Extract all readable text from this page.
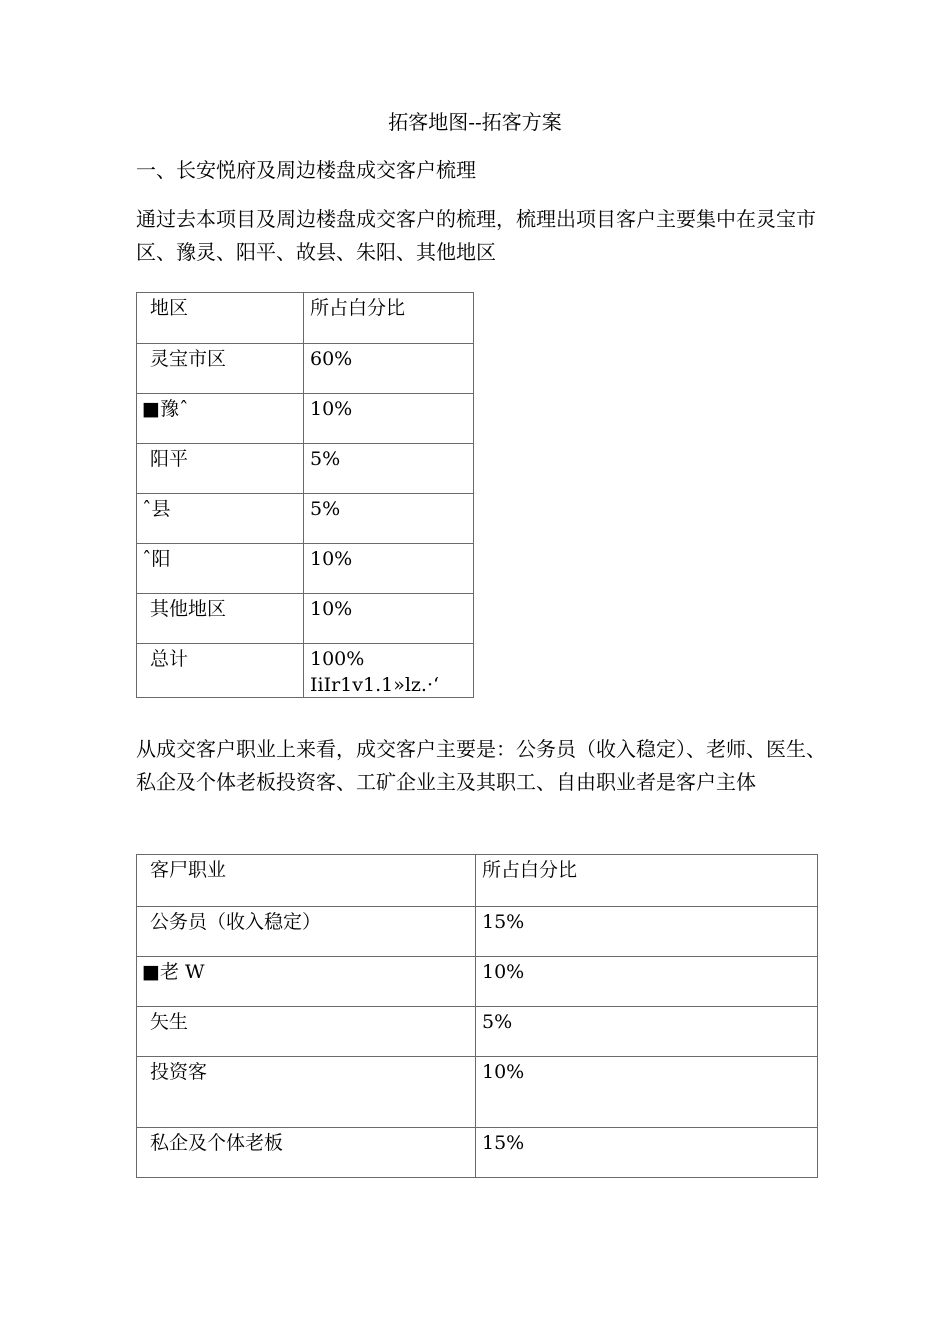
拓客地图--拓客方案
一、长安悦府及周边楼盘成交客户梳理
通过去本项目及周边楼盘成交客户的梳理，梳理出项目客户主要集中在灵宝市区、豫灵、阳平、故县、朱阳、其他地区
地区	所占白分比

灵宝市区	60%

■豫ˆ	10%

阳平	5%

ˆ县	5%

ˆ阳	10%

其他地区	10%

总计	100%
IiIr1v1.1»lz.·‘
从成交客户职业上来看，成交客户主要是：公务员（收入稳定）、老师、医生、私企及个体老板投资客、工矿企业主及其职工、自由职业者是客户主体
客尸职业	所占白分比

公务员（收入稳定）	15%

■老 W	10%

矢生	5%

投资客	10%

私企及个体老板	15%
